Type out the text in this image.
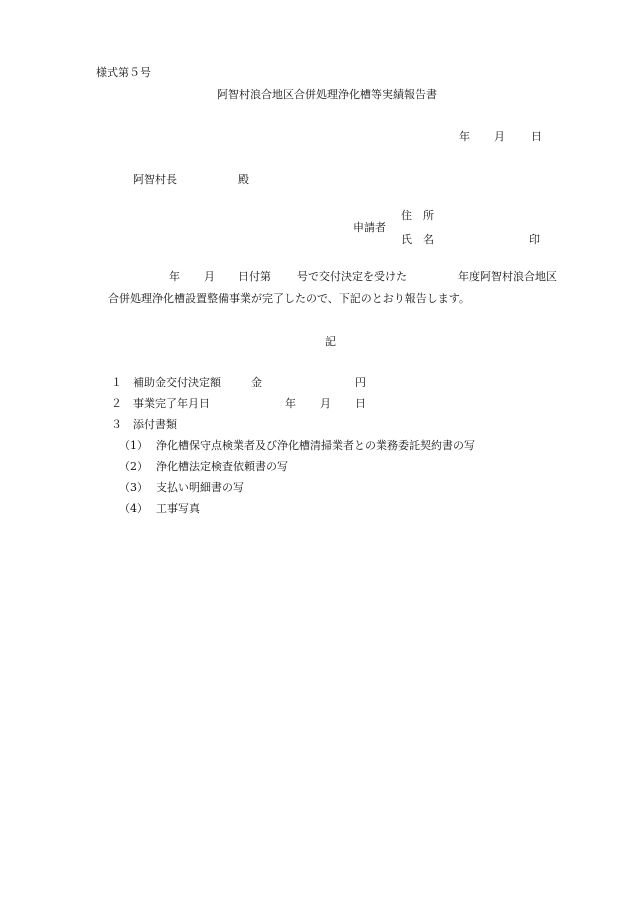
様式第５号
阿智村浪合地区合併処理浄化槽等実績報告書
年 月 日
阿智村長	殿
申請者
住　所
氏　名	印
年 月 日付第 号で交付決定を受けた	年度阿智村浪合地区
合併処理浄化槽設置整備事業が完了したので、下記のとおり報告します。
記
１ 補助金交付決定額	金	円
２ 事業完了年月日	年 月 日
３ 添付書類
（1） 浄化槽保守点検業者及び浄化槽清掃業者との業務委託契約書の写
（2） 浄化槽法定検査依頼書の写
（3） 支払い明細書の写
（4） 工事写真
